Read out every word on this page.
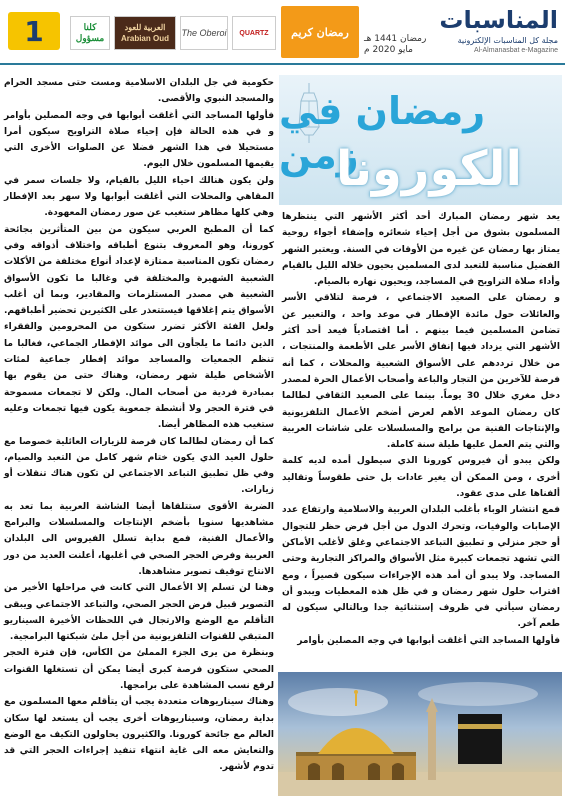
1	كلنا مسؤول
العربية للعود Arabian Oud
The Oberoi	QUARTZ	رمضان كريم	المناسبات
مجلة كل المناسبات الإلكترونية
Al-Almanasbat e-Magazine
رمضان 1441 هـ
مايو 2020 م
رمضان في زمن
الكورونا

يعد شهر رمضان المبارك أحد أكثر الأشهر التي ينتظرها المسلمون بشوق من أجل إحياء شعائره وإضفاء أجواء روحية يمتاز بها رمضان عن غيره من الأوقات في السنة. ويعتبر الشهر الفضيل مناسبة للتعبد لدى المسلمين يحيون خلاله الليل بالقيام وأداء صلاة التراويح في المساجد، ويحيون نهاره بالصيام.

و رمضان على الصعيد الاجتماعي ، فرصة لتلاقي الأسر والعائلات حول مائدة الإفطار في موعد واحد ، والتعبير عن تضامن المسلمين فيما بينهم . أما اقتصادياً فيعد أحد أكثر الأشهر التي يزداد فيها إنفاق الأسر على الأطعمة والمنتجات ، من خلال ترددهم على الأسواق الشعبية والمحلات ، كما أنه فرصة للآخرين من التجار والباعة وأصحاب الأعمال الحرة لمصدر دخل مغري خلال 30 يوماً. بينما على الصعيد الثقافي لطالما كان رمضان الموعد الأهم لعرض أضخم الأعمال التلفزيونية والإنتاجات الفنية من برامج والمسلسلات على شاشات العربية والتي يتم العمل عليها طيلة سنة كاملة.

ولكن يبدو أن فيروس كورونا الذي سيطول أمده لديه كلمة أخرى ، ومن الممكن أن يغير عادات بل حتى طقوساً وتقاليد ألفناها على مدى عقود.

فمع انتشار الوباء بأغلب البلدان العربية والاسلامية وارتفاع عدد الإصابات والوفيات، وتحرك الدول من أجل فرض حظر للتجوال أو حجر منزلي و تطبيق التباعد الاجتماعي وغلق لأغلب الأماكن التي تشهد تجمعات كبيرة مثل الأسواق والمراكز التجارية وحتى المساجد. ولا يبدو أن أمد هذه الإجراءات سيكون قصيراً ، ومع اقتراب حلول شهر رمضان و في ظل هذه المعطيات ويبدو أن رمضان سيأتي في ظروف إستثنائية جدا وبالتالي سيكون له طعم آخر.

فأولها المساجد التي أغلقت أبوابها في وجه المصلين بأوامر

حكومية في جل البلدان الاسلامية ومست حتى مسجد الحرام والمسجد النبوي والأقصى.

فأولها المساجد التي أغلقت أبوابها في وجه المصلين بأوامر و في هذه الحالة فإن إحياء صلاة التراويح سيكون أمرا مستحيلا في هذا الشهر فضلا عن الصلوات الأخرى التي يقيمها المسلمون خلال اليوم.

ولن يكون هنالك احياء الليل بالقيام، ولا جلسات سمر في المقاهي والمحلات التي أغلقت أبوابها ولا سهر بعد الإفطار وهي كلها مظاهر ستغيب عن صور رمضان المعهودة.

كما أن المطبخ العربي سيكون من بين المتأثرين بجائحة كورونا، وهو المعروف بتنوع أطباقه واختلاف أذواقه وفي رمضان تكون المناسبة ممتازة لإعداد أنواع مختلفة من الأكلات الشعبية الشهيرة والمختلفة في وغالبا ما تكون الأسواق الشعبية هي مصدر المستلزمات والمقادير، وبما أن أغلب الأسواق يتم إغلاقها فيستتعذر على الكثيرين تحضير أطباقهم. ولعل الفئة الأكثر تضرر ستكون من المحرومين والفقراء الذين دائما ما يلجأون الى موائد الإفطار الجماعي، فغالبا ما تنظم الجمعيات والمساجد موائد إفطار جماعية لمئات الأشخاص طيلة شهر رمضان، وهناك حتى من يقوم بها بمبادرة فردية من أصحاب المال. ولكن لا تجمعات مسموحة في فترة الحجر ولا أنشطة جمعوية يكون فيها تجمعات وعليه ستغيب هذه المظاهر أيضا.

كما أن رمضان لطالما كان فرصة للزيارات العائلية خصوصا مع حلول العيد الذي يكون ختام شهر كامل من التعبد والصيام، وفي ظل تطبيق التباعد الاجتماعي لن تكون هناك تنقلات أو زيارات.

الضربة الأقوى ستتلقاها أيضا الشاشة العربية بما تعد به مشاهديها سنويا بأضخم الإنتاجات والمسلسلات والبرامج والأعمال الفنية، فمع بداية تسلل الفيروس الى البلدان العربية وفرض الحجر الصحي في أغلبها، أعلنت العديد من دور الانتاج توقيف تصوير مشاهدها.

وهنا لن تسلم إلا الأعمال التي كانت في مراحلها الأخير من التصوير قبيل فرض الحجر الصحي، والتباعد الاجتماعي ويبقى التأقلم مع الوضع والارتجال في اللحظات الأخيرة السيناريو المتبقي للقنوات التلفزيونية من أجل ملئ شبكتها البرامجية.

وبنظرة من يرى الجزء المملئ من الكأس، فإن فترة الحجر الصحي ستكون فرصة كبرى أيضا يمكن أن تستغلها القنوات لرفع نسب المشاهدة على برامجها.

وهناك سيناريوهات متعددة يجب أن يتأقلم معها المسلمون مع بداية رمضان، وسيناريوهات أخرى يجب أن يستعد لها سكان العالم مع جائحة كورونا. والكثيرون يحاولون التكيف مع الوضع والتعايش معه الى غاية انتهاء تنفيذ إجراءات الحجر التي قد تدوم لأشهر.
